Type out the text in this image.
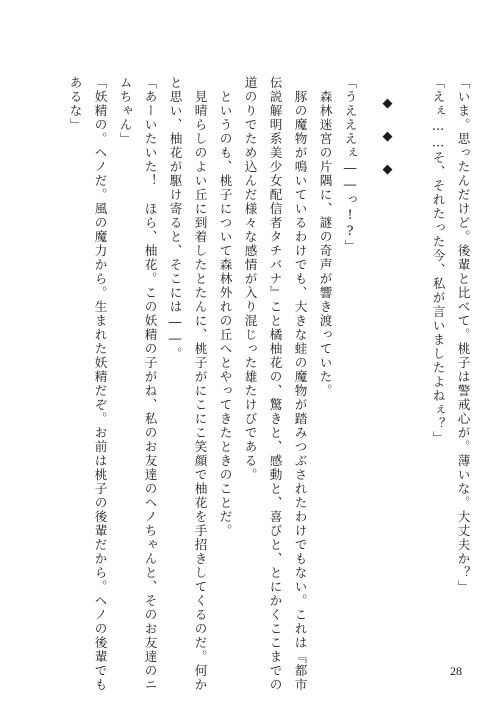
「いま。思ったんだけど。後輩と比べて。桃子は警戒心が。薄いな。大丈夫か？」
「えぇ……そ、それたった今、私が言いましたよねぇ？」
◆◆◆
「うえええぇ――っ!?」
森林迷宮の片隅に、謎の奇声が響き渡っていた。
豚の魔物が鳴いているわけでも、大きな蛙の魔物が踏みつぶされたわけでもない。これは『都市
伝説解明系美少女配信者タチバナ』こと橘柚花の、驚きと、感動と、喜びと、とにかくここまでの
道のりでため込んだ様々な感情が入り混じった雄たけびである。
というのも、桃子について森林外れの丘へとやってきたときのことだ。
見晴らしのよい丘に到着したとたんに、桃子がにこにこ笑顔で柚花を手招きしてくるのだ。何か
と思い、柚花が駆け寄ると、そこには――。
「あーいたいた！　ほら、柚花。この妖精の子がね、私のお友達のヘノちゃんと、そのお友達のニ
ムちゃん」
「妖精の。ヘノだ。風の魔力から。生まれた妖精だぞ。お前は桃子の後輩だから。ヘノの後輩でも
あるな」
28
